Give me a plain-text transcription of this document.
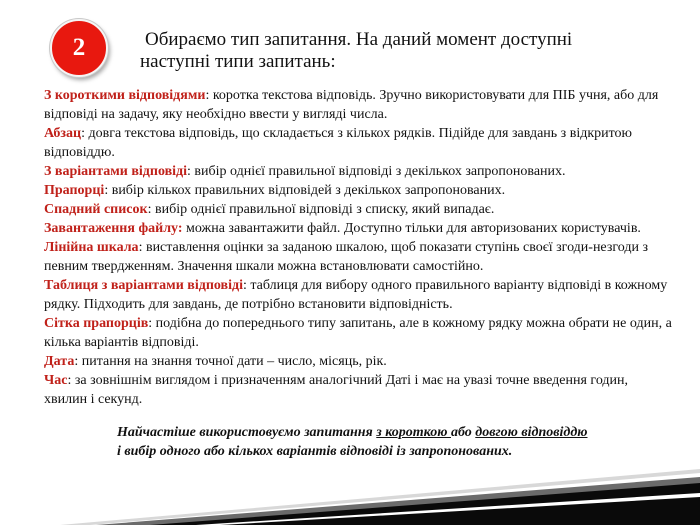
2	Обираємо тип запитання. На даний момент доступні
наступні типи запитань:

З короткими відповідями: коротка текстова відповідь. Зручно використовувати для ПІБ учня, або для відповіді на задачу, яку необхідно ввести у вигляді числа.

Абзац: довга текстова відповідь, що складається з кількох рядків. Підійде для завдань з відкритою відповіддю.

З варіантами відповіді: вибір однієї правильної відповіді з декількох запропонованих.

Прапорці: вибір кількох правильних відповідей з декількох запропонованих.

Спадний список: вибір однієї правильної відповіді з списку, який випадає.

Завантаження файлу: можна завантажити файл. Доступно тільки для авторизованих користувачів.

Лінійна шкала: виставлення оцінки за заданою шкалою, щоб показати ступінь своєї згоди-незгоди з певним твердженням. Значення шкали можна встановлювати самостійно.

Таблиця з варіантами відповіді: таблиця для вибору одного правильного варіанту відповіді в кожному рядку. Підходить для завдань, де потрібно встановити відповідність.

Сітка прапорців: подібна до попереднього типу запитань, але в кожному рядку можна обрати не один, а кілька варіантів відповіді.

Дата: питання на знання точної дати – число, місяць, рік.

Час: за зовнішнім виглядом і призначенням аналогічний Даті і має на увазі точне введення годин, хвилин і секунд.

Найчастіше використовуємо запитання з короткою або довгою відповіддю
і вибір одного або кількох варіантів відповіді із запропонованих.
